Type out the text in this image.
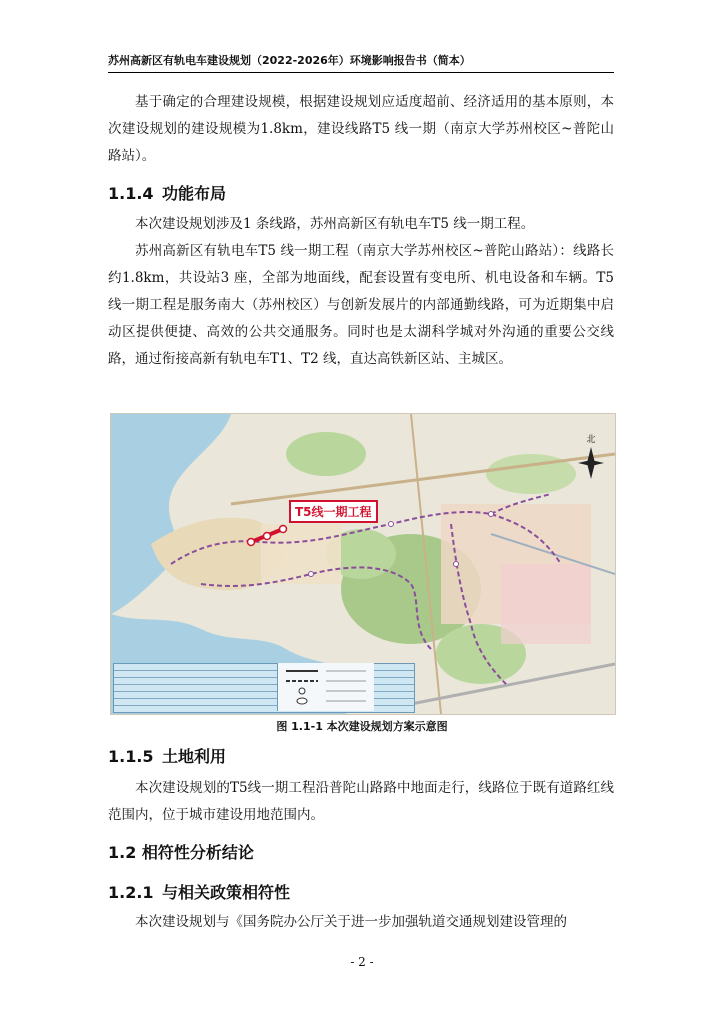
苏州高新区有轨电车建设规划（2022-2026年）环境影响报告书（简本）

基于确定的合理建设规模，根据建设规划应适度超前、经济适用的基本原则，本次建设规划的建设规模为1.8km，建设线路T5 线一期（南京大学苏州校区~普陀山路站）。

1.1.4 功能布局

本次建设规划涉及1 条线路，苏州高新区有轨电车T5 线一期工程。

苏州高新区有轨电车T5 线一期工程（南京大学苏州校区~普陀山路站）：线路长约1.8km，共设站3 座，全部为地面线，配套设置有变电所、机电设备和车辆。T5 线一期工程是服务南大（苏州校区）与创新发展片的内部通勤线路，可为近期集中启动区提供便捷、高效的公共交通服务。同时也是太湖科学城对外沟通的重要公交线路，通过衔接高新有轨电车T1、T2 线，直达高铁新区站、主城区。

T5线一期工程
北
图 1.1-1 本次建设规划方案示意图
1.1.5 土地利用

本次建设规划的T5线一期工程沿普陀山路路中地面走行，线路位于既有道路红线范围内，位于城市建设用地范围内。

1.2 相符性分析结论
1.2.1 与相关政策相符性

本次建设规划与《国务院办公厅关于进一步加强轨道交通规划建设管理的

- 2 -
